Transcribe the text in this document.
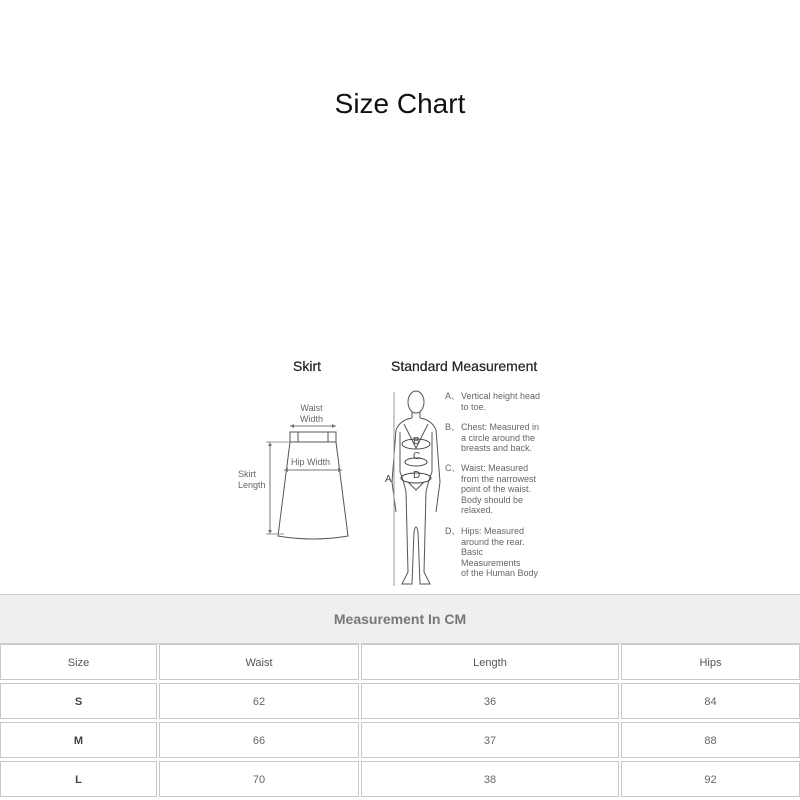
Size Chart
Skirt	Standard Measurement
Waist
Width
Hip Width
Skirt
Length
B
C
D
A
A、 Vertical height head
to toe.
B、 Chest: Measured in
a circle around the
breasts and back.
C、 Waist: Measured
from the narrowest
point of the waist.
Body should be
relaxed.
D、 Hips: Measured
around the rear.
Basic Measurements
of the Human Body
Measurement In CM
Size	Waist	Length	Hips
S	62	36	84
M	66	37	88
L	70	38	92
